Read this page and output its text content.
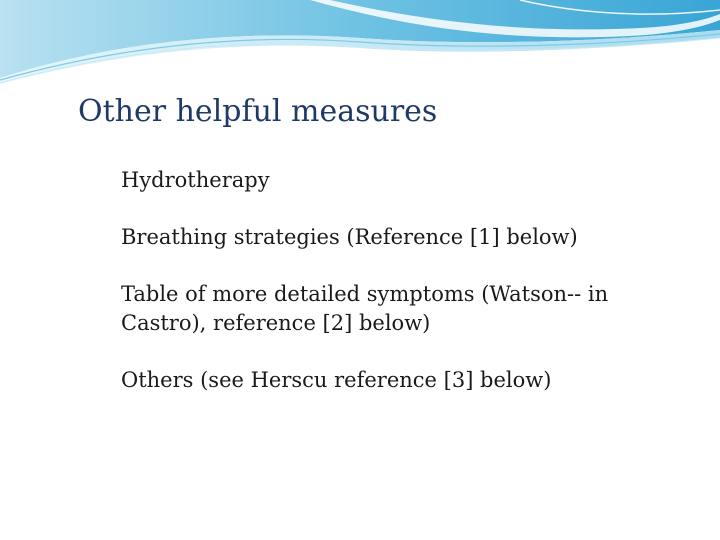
Other helpful measures
Hydrotherapy
Breathing strategies (Reference [1] below)
Table of more detailed symptoms (Watson-- in Castro), reference [2] below)
Others (see Herscu reference [3] below)
